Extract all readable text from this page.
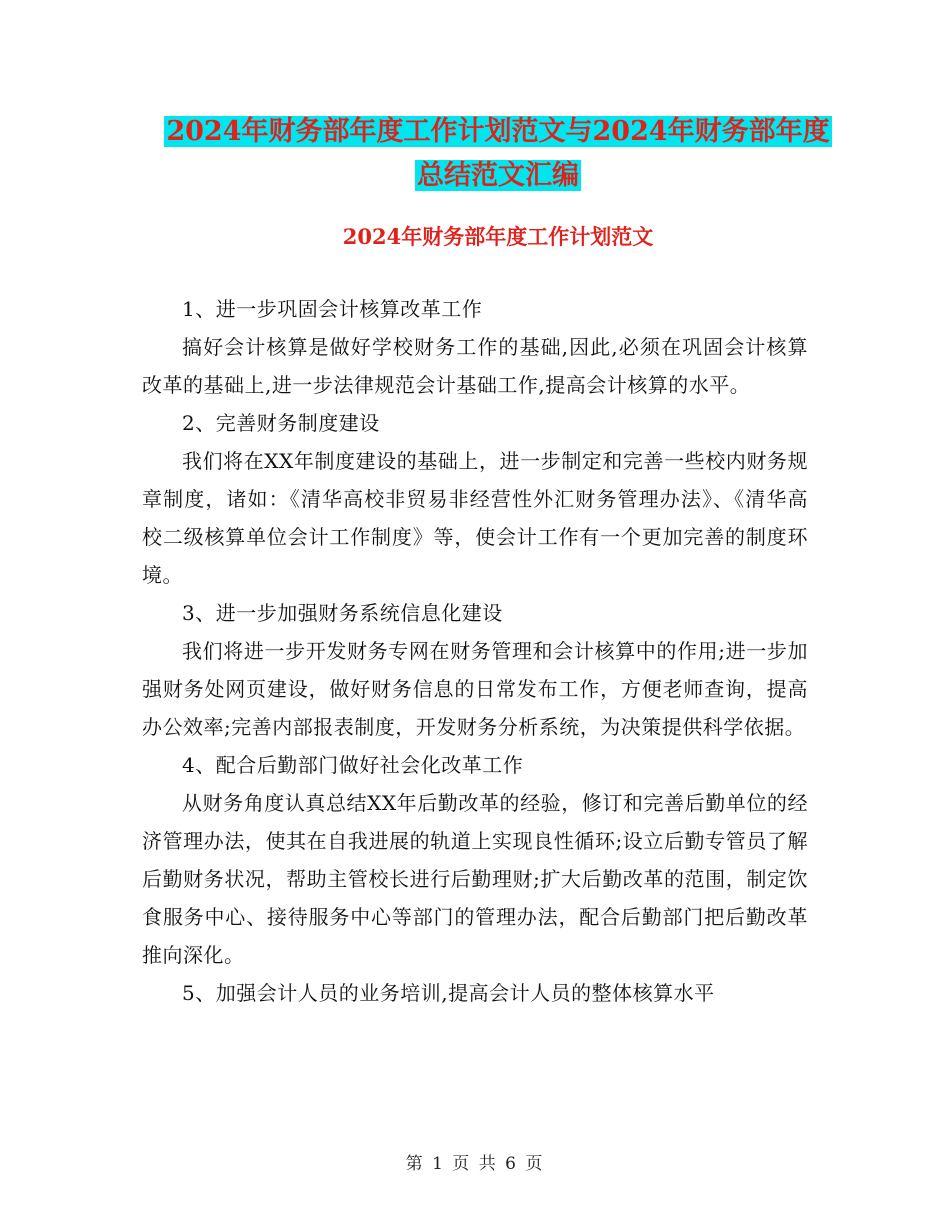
2024年财务部年度工作计划范文与2024年财务部年度
总结范文汇编
2024年财务部年度工作计划范文

1、进一步巩固会计核算改革工作

搞好会计核算是做好学校财务工作的基础,因此,必须在巩固会计核算改革的基础上,进一步法律规范会计基础工作,提高会计核算的水平。

2、完善财务制度建设

我们将在XX年制度建设的基础上，进一步制定和完善一些校内财务规章制度，诸如：《清华高校非贸易非经营性外汇财务管理办法》、《清华高校二级核算单位会计工作制度》等，使会计工作有一个更加完善的制度环境。

3、进一步加强财务系统信息化建设

我们将进一步开发财务专网在财务管理和会计核算中的作用;进一步加强财务处网页建设，做好财务信息的日常发布工作，方便老师查询，提高办公效率;完善内部报表制度，开发财务分析系统，为决策提供科学依据。

4、配合后勤部门做好社会化改革工作

从财务角度认真总结XX年后勤改革的经验，修订和完善后勤单位的经济管理办法，使其在自我进展的轨道上实现良性循环;设立后勤专管员了解后勤财务状况，帮助主管校长进行后勤理财;扩大后勤改革的范围，制定饮食服务中心、接待服务中心等部门的管理办法，配合后勤部门把后勤改革推向深化。

5、加强会计人员的业务培训,提高会计人员的整体核算水平

第 1 页 共 6 页
